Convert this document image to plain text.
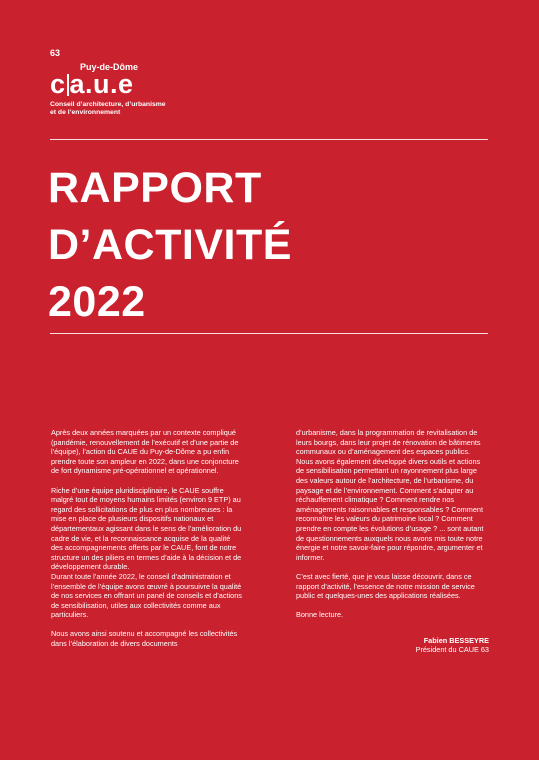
63
Puy-de-Dôme
c a.u.e
Conseil d’architecture, d’urbanisme
et de l’environnement
RAPPORT
D’ACTIVITÉ
2022

Après deux années marquées par un contexte compliqué (pandémie, renouvellement de l’exécutif et d’une partie de l’équipe), l’action du CAUE du Puy-de-Dôme a pu enfin prendre toute son ampleur en 2022, dans une conjoncture de fort dynamisme pré-opérationnel et opérationnel.

Riche d’une équipe pluridisciplinaire, le CAUE souffre malgré tout de moyens humains limités (environ 9 ETP) au regard des sollicitations de plus en plus nombreuses : la mise en place de plusieurs dispositifs nationaux et départementaux agissant dans le sens de l’amélioration du cadre de vie, et la reconnaissance acquise de la qualité des accompagnements offerts par le CAUE, font de notre structure un des piliers en termes d’aide à la décision et de développement durable.

Durant toute l’année 2022, le conseil d’administration et l’ensemble de l’équipe avons œuvré à poursuivre la qualité de nos services en offrant un panel de conseils et d’actions de sensibilisation, utiles aux collectivités comme aux particuliers.

Nous avons ainsi soutenu et accompagné les collectivités dans l’élaboration de divers documents

d’urbanisme, dans la programmation de revitalisation de leurs bourgs, dans leur projet de rénovation de bâtiments communaux ou d’aménagement des espaces publics. Nous avons également développé divers outils et actions de sensibilisation permettant un rayonnement plus large des valeurs autour de l’architecture, de l’urbanisme, du paysage et de l’environnement. Comment s’adapter au réchauffement climatique ? Comment rendre nos aménagements raisonnables et responsables ? Comment reconnaître les valeurs du patrimoine local ? Comment prendre en compte les évolutions d’usage ? ... sont autant de questionnements auxquels nous avons mis toute notre énergie et notre savoir-faire pour répondre, argumenter et informer.

C’est avec fierté, que je vous laisse découvrir, dans ce rapport d’activité, l’essence de notre mission de service public et quelques-unes des applications réalisées.

Bonne lecture.

Fabien BESSEYRE
Président du CAUE 63
